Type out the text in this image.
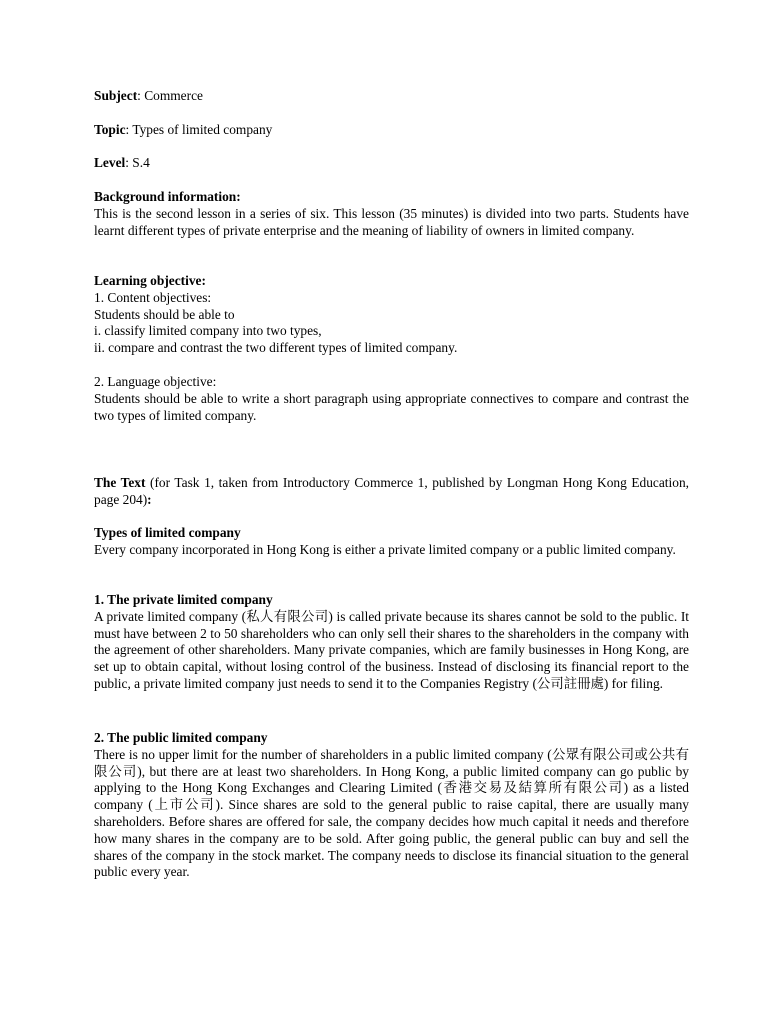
Subject: Commerce

Topic: Types of limited company

Level: S.4

Background information:

This is the second lesson in a series of six. This lesson (35 minutes) is divided into two parts. Students have learnt different types of private enterprise and the meaning of liability of owners in limited company.

Learning objective:

1. Content objectives:

Students should be able to

i. classify limited company into two types,

ii. compare and contrast the two different types of limited company.

2. Language objective:

Students should be able to write a short paragraph using appropriate connectives to compare and contrast the two types of limited company.

The Text (for Task 1, taken from Introductory Commerce 1, published by Longman Hong Kong Education, page 204):

Types of limited company

Every company incorporated in Hong Kong is either a private limited company or a public limited company.

1. The private limited company

A private limited company (私人有限公司) is called private because its shares cannot be sold to the public. It must have between 2 to 50 shareholders who can only sell their shares to the shareholders in the company with the agreement of other shareholders. Many private companies, which are family businesses in Hong Kong, are set up to obtain capital, without losing control of the business. Instead of disclosing its financial report to the public, a private limited company just needs to send it to the Companies Registry (公司註冊處) for filing.

2. The public limited company

There is no upper limit for the number of shareholders in a public limited company (公眾有限公司或公共有限公司), but there are at least two shareholders. In Hong Kong, a public limited company can go public by applying to the Hong Kong Exchanges and Clearing Limited (香港交易及結算所有限公司) as a listed company (上市公司). Since shares are sold to the general public to raise capital, there are usually many shareholders. Before shares are offered for sale, the company decides how much capital it needs and therefore how many shares in the company are to be sold. After going public, the general public can buy and sell the shares of the company in the stock market. The company needs to disclose its financial situation to the general public every year.
